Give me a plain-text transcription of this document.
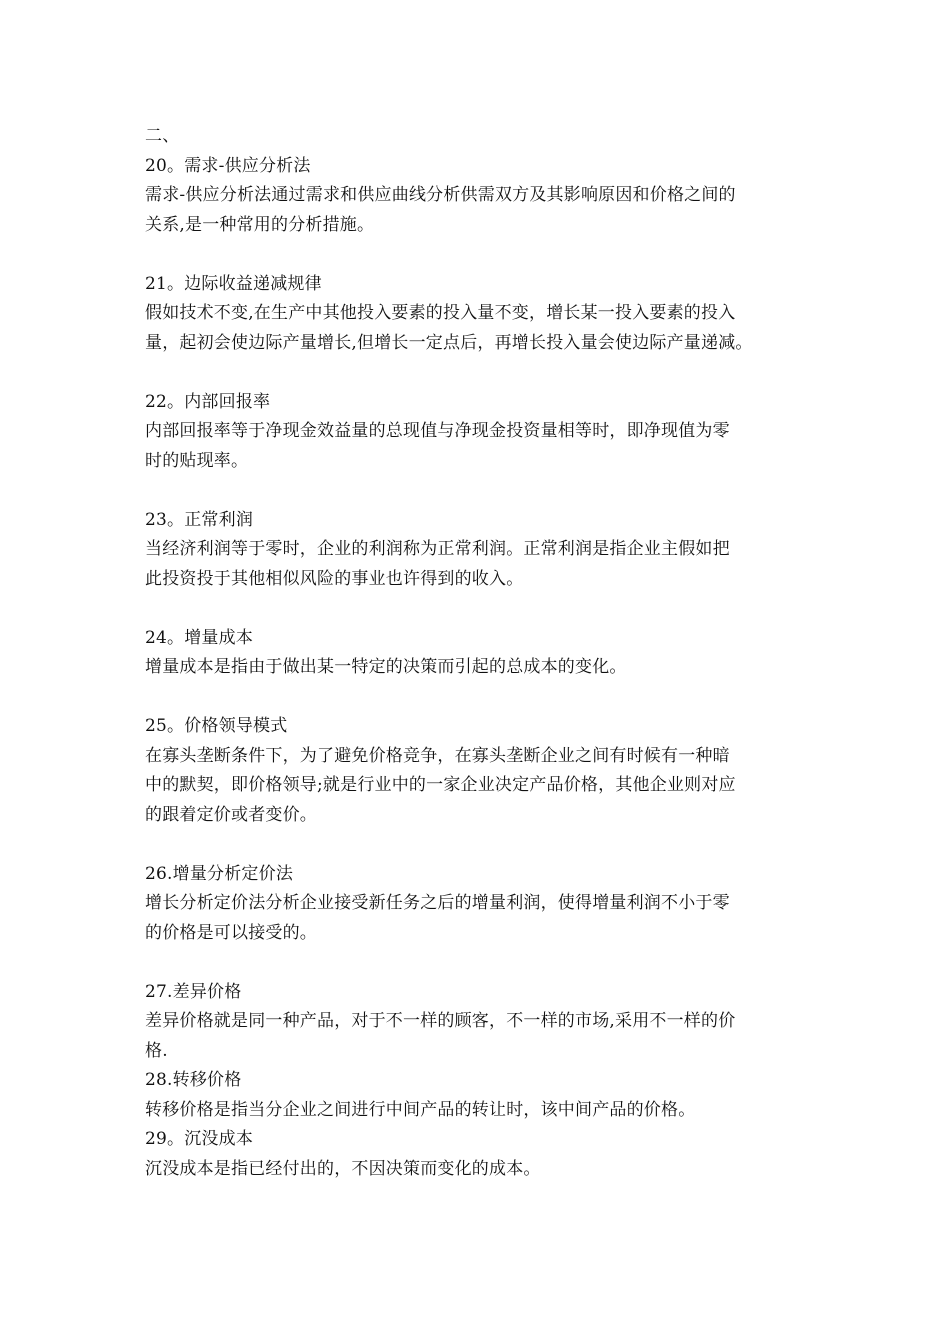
二、
20。需求-供应分析法
需求-供应分析法通过需求和供应曲线分析供需双方及其影响原因和价格之间的
关系,是一种常用的分析措施。
21。边际收益递减规律
假如技术不变,在生产中其他投入要素的投入量不变，增长某一投入要素的投入
量，起初会使边际产量增长,但增长一定点后，再增长投入量会使边际产量递减。
22。内部回报率
内部回报率等于净现金效益量的总现值与净现金投资量相等时，即净现值为零
时的贴现率。
23。正常利润
当经济利润等于零时，企业的利润称为正常利润。正常利润是指企业主假如把
此投资投于其他相似风险的事业也许得到的收入。
24。增量成本
增量成本是指由于做出某一特定的决策而引起的总成本的变化。
25。价格领导模式
在寡头垄断条件下，为了避免价格竞争，在寡头垄断企业之间有时候有一种暗
中的默契，即价格领导;就是行业中的一家企业决定产品价格，其他企业则对应
的跟着定价或者变价。
26.增量分析定价法
增长分析定价法分析企业接受新任务之后的增量利润，使得增量利润不小于零
的价格是可以接受的。
27.差异价格
差异价格就是同一种产品，对于不一样的顾客，不一样的市场,采用不一样的价
格.
28.转移价格
转移价格是指当分企业之间进行中间产品的转让时，该中间产品的价格。
29。沉没成本
沉没成本是指已经付出的，不因决策而变化的成本。
